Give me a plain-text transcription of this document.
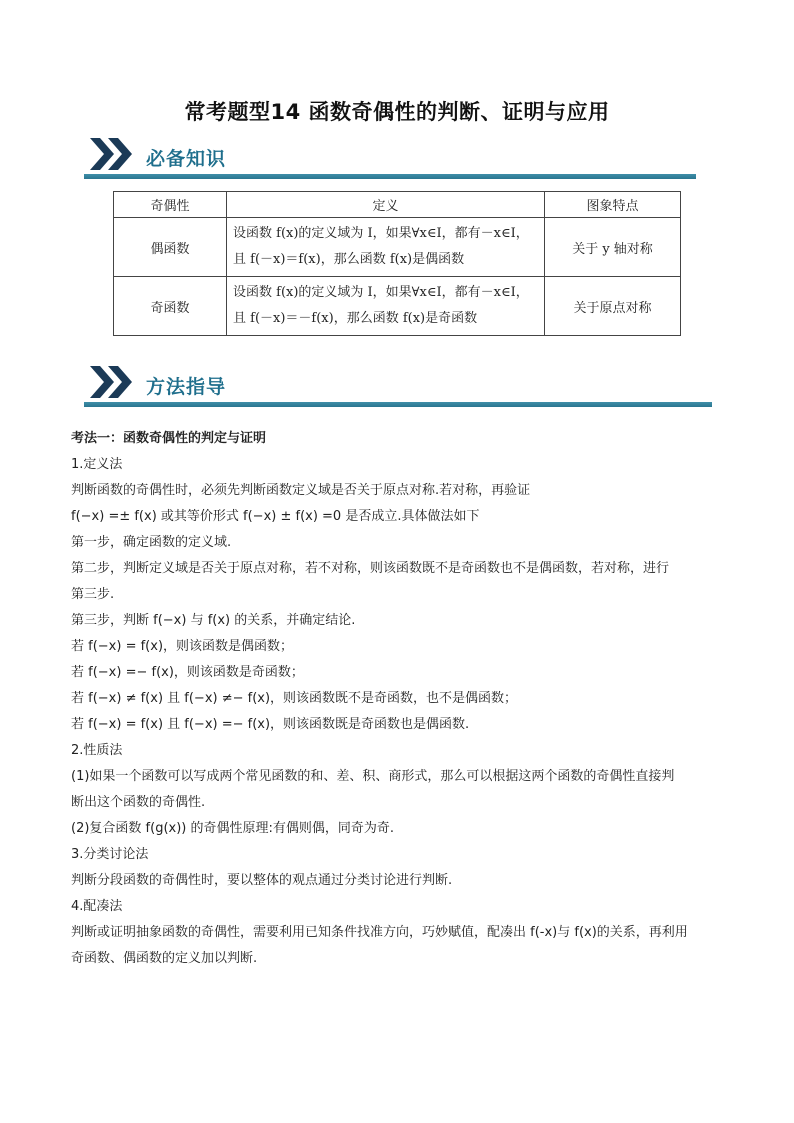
常考题型14 函数奇偶性的判断、证明与应用
必备知识
奇偶性	定义	图象特点
偶函数	设函数 f(x)的定义域为 I，如果∀x∈I，都有－x∈I，
且 f(－x)＝f(x)，那么函数 f(x)是偶函数	关于 y 轴对称
奇函数	设函数 f(x)的定义域为 I，如果∀x∈I，都有－x∈I，
且 f(－x)＝－f(x)，那么函数 f(x)是奇函数	关于原点对称
方法指导

考法一：函数奇偶性的判定与证明

1.定义法

判断函数的奇偶性时，必须先判断函数定义域是否关于原点对称.若对称，再验证

f(−x) =± f(x) 或其等价形式 f(−x) ± f(x) =0 是否成立.具体做法如下

第一步，确定函数的定义域.

第二步，判断定义域是否关于原点对称，若不对称，则该函数既不是奇函数也不是偶函数，若对称，进行

第三步.

第三步，判断 f(−x) 与 f(x) 的关系，并确定结论.

若 f(−x) = f(x)，则该函数是偶函数；

若 f(−x) =− f(x)，则该函数是奇函数；

若 f(−x) ≠ f(x) 且 f(−x) ≠− f(x)，则该函数既不是奇函数，也不是偶函数；

若 f(−x) = f(x) 且 f(−x) =− f(x)，则该函数既是奇函数也是偶函数.

2.性质法

(1)如果一个函数可以写成两个常见函数的和、差、积、商形式，那么可以根据这两个函数的奇偶性直接判

断出这个函数的奇偶性.

(2)复合函数 f(g(x)) 的奇偶性原理:有偶则偶，同奇为奇.

3.分类讨论法

判断分段函数的奇偶性时，要以整体的观点通过分类讨论进行判断.

4.配凑法

判断或证明抽象函数的奇偶性，需要利用已知条件找准方向，巧妙赋值，配凑出 f(-x)与 f(x)的关系，再利用

奇函数、偶函数的定义加以判断.
